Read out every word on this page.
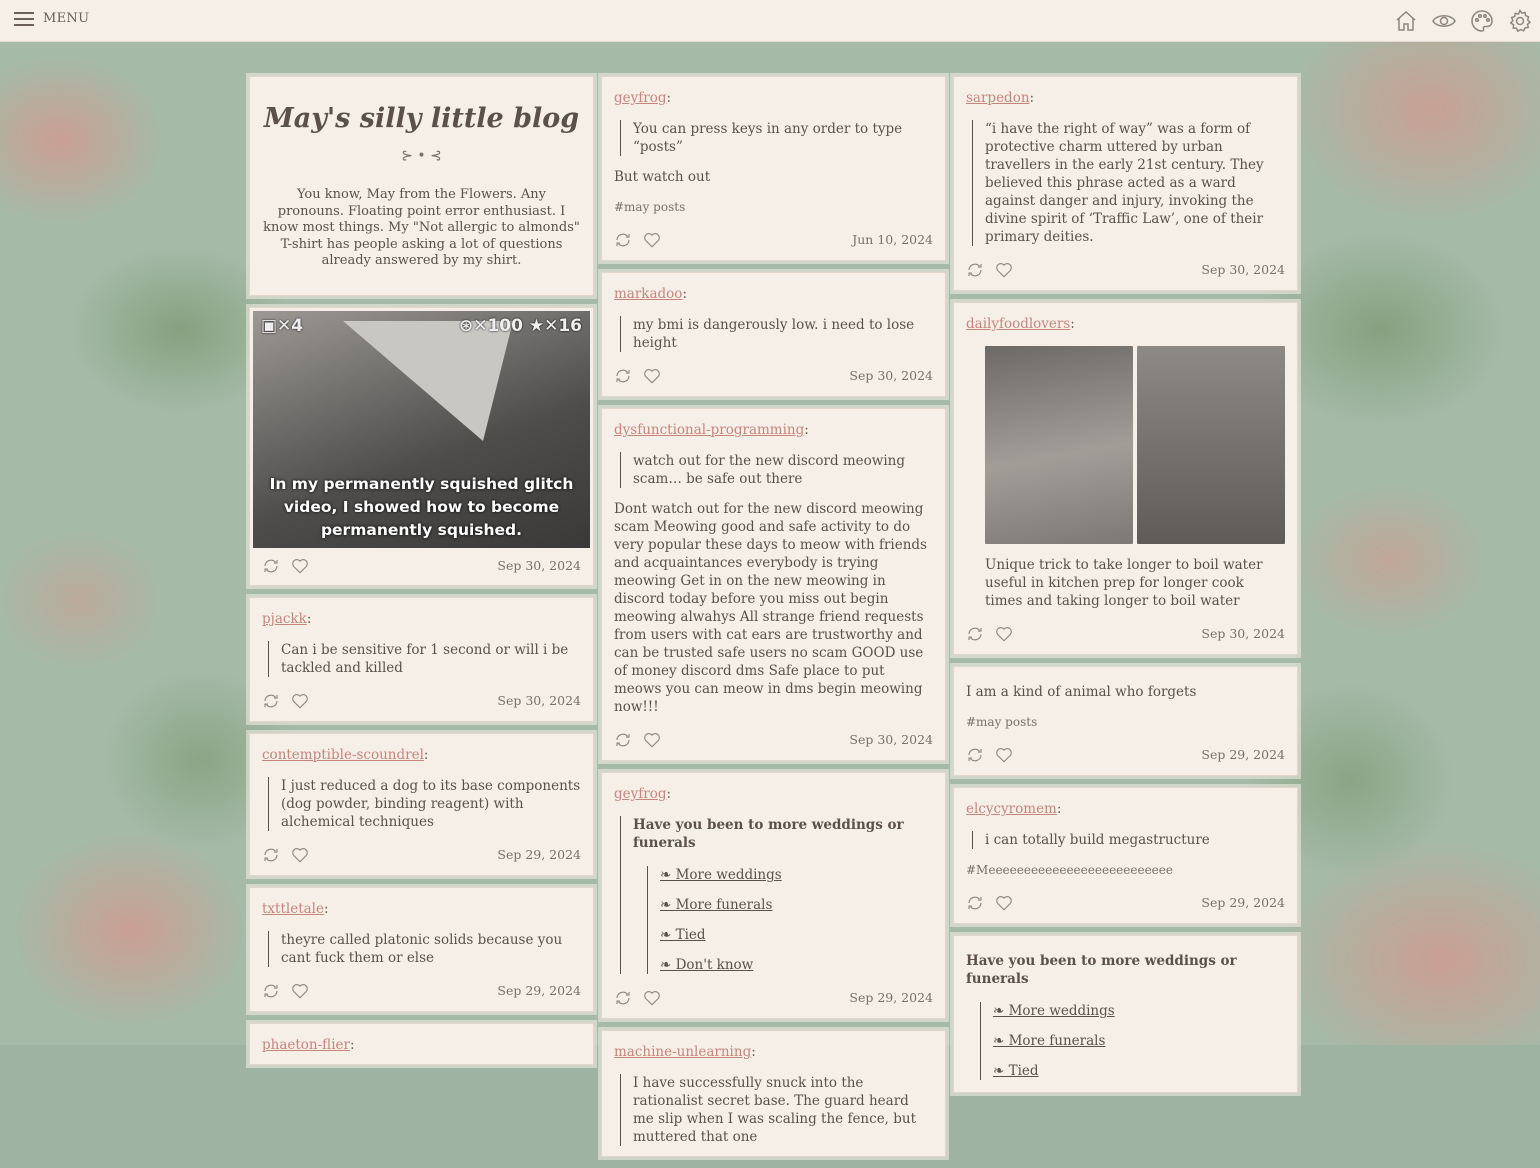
MENU
May's silly little blog
⊱ • ⊰
You know, May from the Flowers. Any pronouns. Floating point error enthusiast. I know most things. My "Not allergic to almonds" T-shirt has people asking a lot of questions already answered by my shirt.
▣✕4	⊛✕100 ★✕16
In my permanently squished glitch video, I showed how to become permanently squished.
Sep 30, 2024
pjackk:
Can i be sensitive for 1 second or will i be tackled and killed
Sep 30, 2024
contemptible-scoundrel:
I just reduced a dog to its base components (dog powder, binding reagent) with alchemical techniques
Sep 29, 2024
txttletale:
theyre called platonic solids because you cant fuck them or else
Sep 29, 2024
phaeton-flier:
geyfrog:
You can press keys in any order to type “posts”
But watch out
#may posts
Jun 10, 2024
markadoo:
my bmi is dangerously low. i need to lose height
Sep 30, 2024
dysfunctional-programming:
watch out for the new discord meowing scam… be safe out there
Dont watch out for the new discord meowing scam Meowing good and safe activity to do very popular these days to meow with friends and acquaintances everybody is trying meowing Get in on the new meowing in discord today before you miss out begin meowing alwahys All strange friend requests from users with cat ears are trustworthy and can be trusted safe users no scam GOOD use of money discord dms Safe place to put meows you can meow in dms begin meowing now!!!
Sep 30, 2024
geyfrog:
Have you been to more weddings or funerals
❧ More weddings
❧ More funerals
❧ Tied
❧ Don't know
Sep 29, 2024
machine-unlearning:
I have successfully snuck into the rationalist secret base. The guard heard me slip when I was scaling the fence, but muttered that one
sarpedon:
“i have the right of way” was a form of protective charm uttered by urban travellers in the early 21st century. They believed this phrase acted as a ward against danger and injury, invoking the divine spirit of ‘Traffic Law’, one of their primary deities.
Sep 30, 2024
dailyfoodlovers:
Unique trick to take longer to boil water useful in kitchen prep for longer cook times and taking longer to boil water
Sep 30, 2024
I am a kind of animal who forgets
#may posts
Sep 29, 2024
elcycyromem:
i can totally build megastructure
#Meeeeeeeeeeeeeeeeeeeeeeeeee
Sep 29, 2024
Have you been to more weddings or funerals
❧ More weddings
❧ More funerals
❧ Tied
